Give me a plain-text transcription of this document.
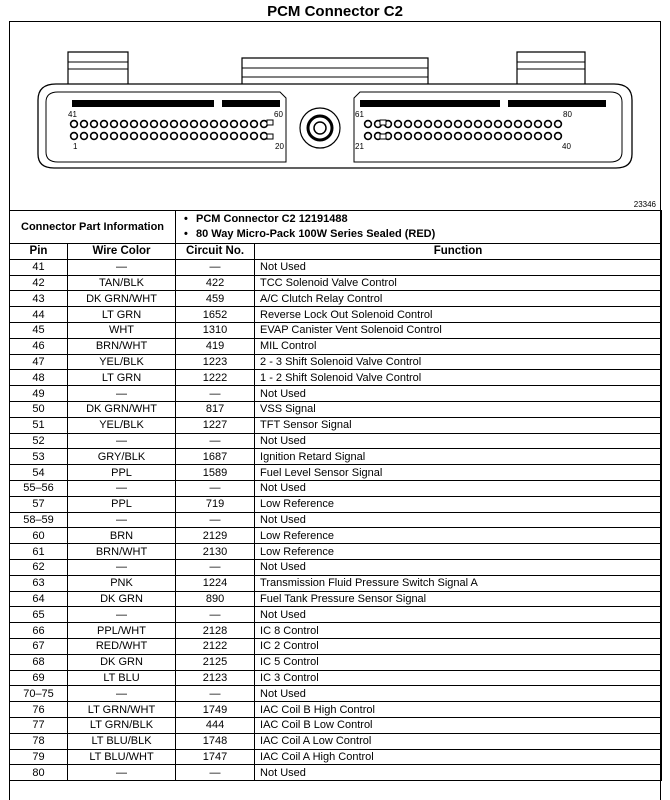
PCM Connector C2
41	60
1	20
61	80
21	40
23346
Connector Part Information		• PCM Connector C2 12191488
• 80 Way Micro-Pack 100W Series Sealed (RED)	

Pin	Wire Color	Circuit No.	Function
41	—	—	Not Used
42	TAN/BLK	422	TCC Solenoid Valve Control
43	DK GRN/WHT	459	A/C Clutch Relay Control
44	LT GRN	1652	Reverse Lock Out Solenoid Control
45	WHT	1310	EVAP Canister Vent Solenoid Control
46	BRN/WHT	419	MIL Control
47	YEL/BLK	1223	2 - 3 Shift Solenoid Valve Control
48	LT GRN	1222	1 - 2 Shift Solenoid Valve Control
49	—	—	Not Used
50	DK GRN/WHT	817	VSS Signal
51	YEL/BLK	1227	TFT Sensor Signal
52	—	—	Not Used
53	GRY/BLK	1687	Ignition Retard Signal
54	PPL	1589	Fuel Level Sensor Signal
55–56	—	—	Not Used
57	PPL	719	Low Reference
58–59	—	—	Not Used
60	BRN	2129	Low Reference
61	BRN/WHT	2130	Low Reference
62	—	—	Not Used
63	PNK	1224	Transmission Fluid Pressure Switch Signal A
64	DK GRN	890	Fuel Tank Pressure Sensor Signal
65	—	—	Not Used
66	PPL/WHT	2128	IC 8 Control
67	RED/WHT	2122	IC 2 Control
68	DK GRN	2125	IC 5 Control
69	LT BLU	2123	IC 3 Control
70–75	—	—	Not Used
76	LT GRN/WHT	1749	IAC Coil B High Control
77	LT GRN/BLK	444	IAC Coil B Low Control
78	LT BLU/BLK	1748	IAC Coil A Low Control
79	LT BLU/WHT	1747	IAC Coil A High Control
80	—	—	Not Used
